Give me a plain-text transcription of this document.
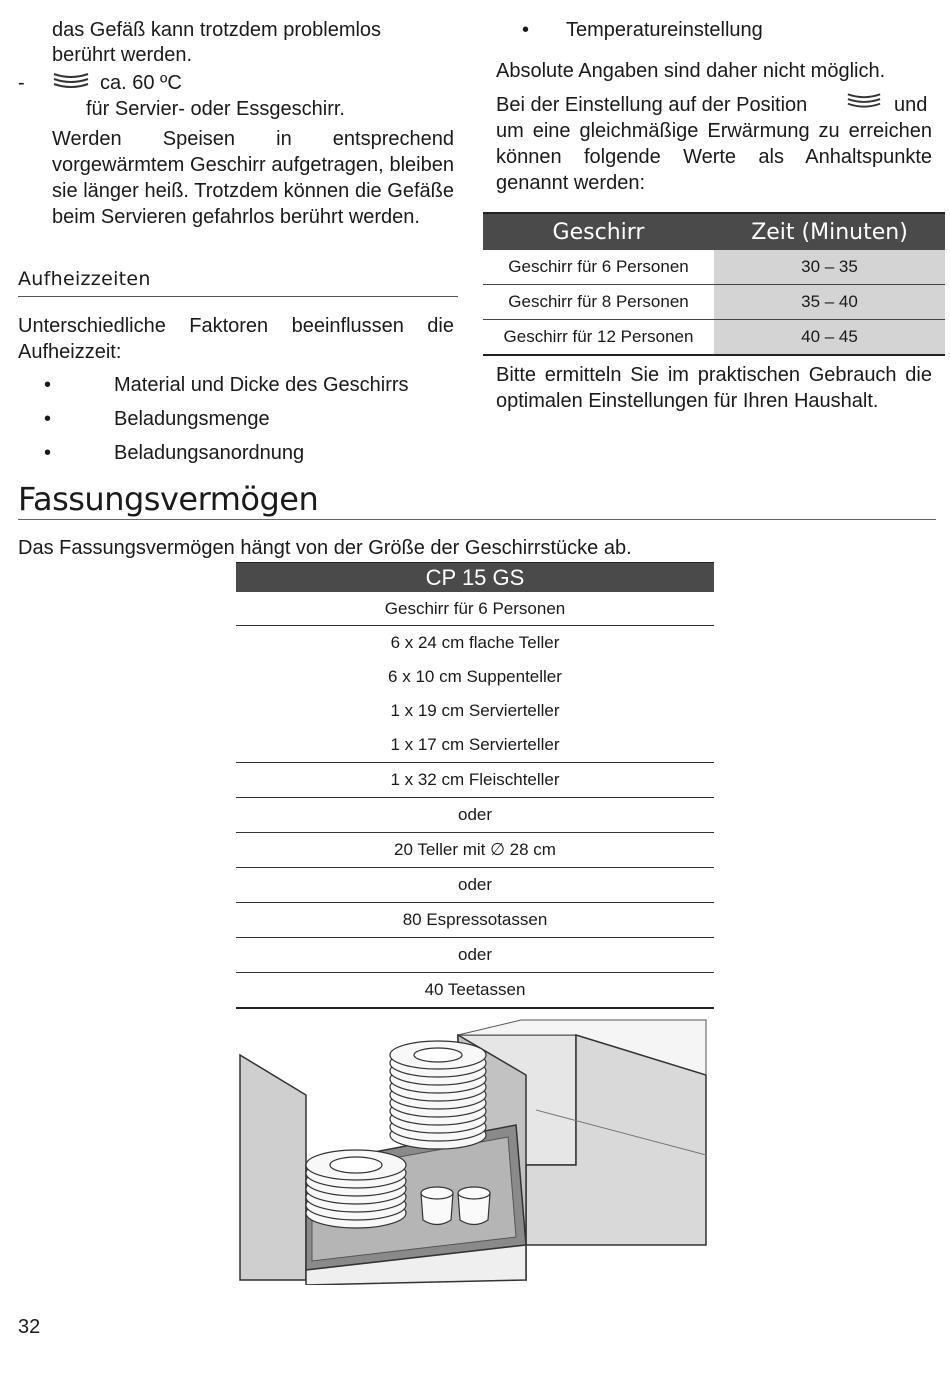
das Gefäß kann trotzdem problemlos

berührt werden.

-	ca. 60 ºC
für Servier- oder Essgeschirr.

Werden Speisen in entsprechend vorgewärmtem Geschirr aufgetragen, bleiben sie länger heiß. Trotzdem können die Gefäße beim Servieren gefahrlos berührt werden.

Aufheizzeiten

Unterschiedliche Faktoren beeinflussen die Aufheizzeit:

•	Material und Dicke des Geschirrs
•	Beladungsmenge
•	Beladungsanordnung
• Temperatureinstellung

Absolute Angaben sind daher nicht möglich.

Bei der Einstellung auf der Position	und um eine gleichmäßige Erwärmung zu erreichen können folgende Werte als Anhaltspunkte genannt werden:

Geschirr	Zeit (Minuten)
Geschirr für 6 Personen	30 – 35
Geschirr für 8 Personen	35 – 40
Geschirr für 12 Personen	40 – 45

Bitte ermitteln Sie im praktischen Gebrauch die optimalen Einstellungen für Ihren Haushalt.

Fassungsvermögen

Das Fassungsvermögen hängt von der Größe der Geschirrstücke ab.

CP 15 GS
Geschirr für 6 Personen
6 x 24 cm flache Teller
6 x 10 cm Suppenteller
1 x 19 cm Servierteller
1 x 17 cm Servierteller
1 x 32 cm Fleischteller
oder
20 Teller mit ∅ 28 cm
oder
80 Espressotassen
oder
40 Teetassen
32
